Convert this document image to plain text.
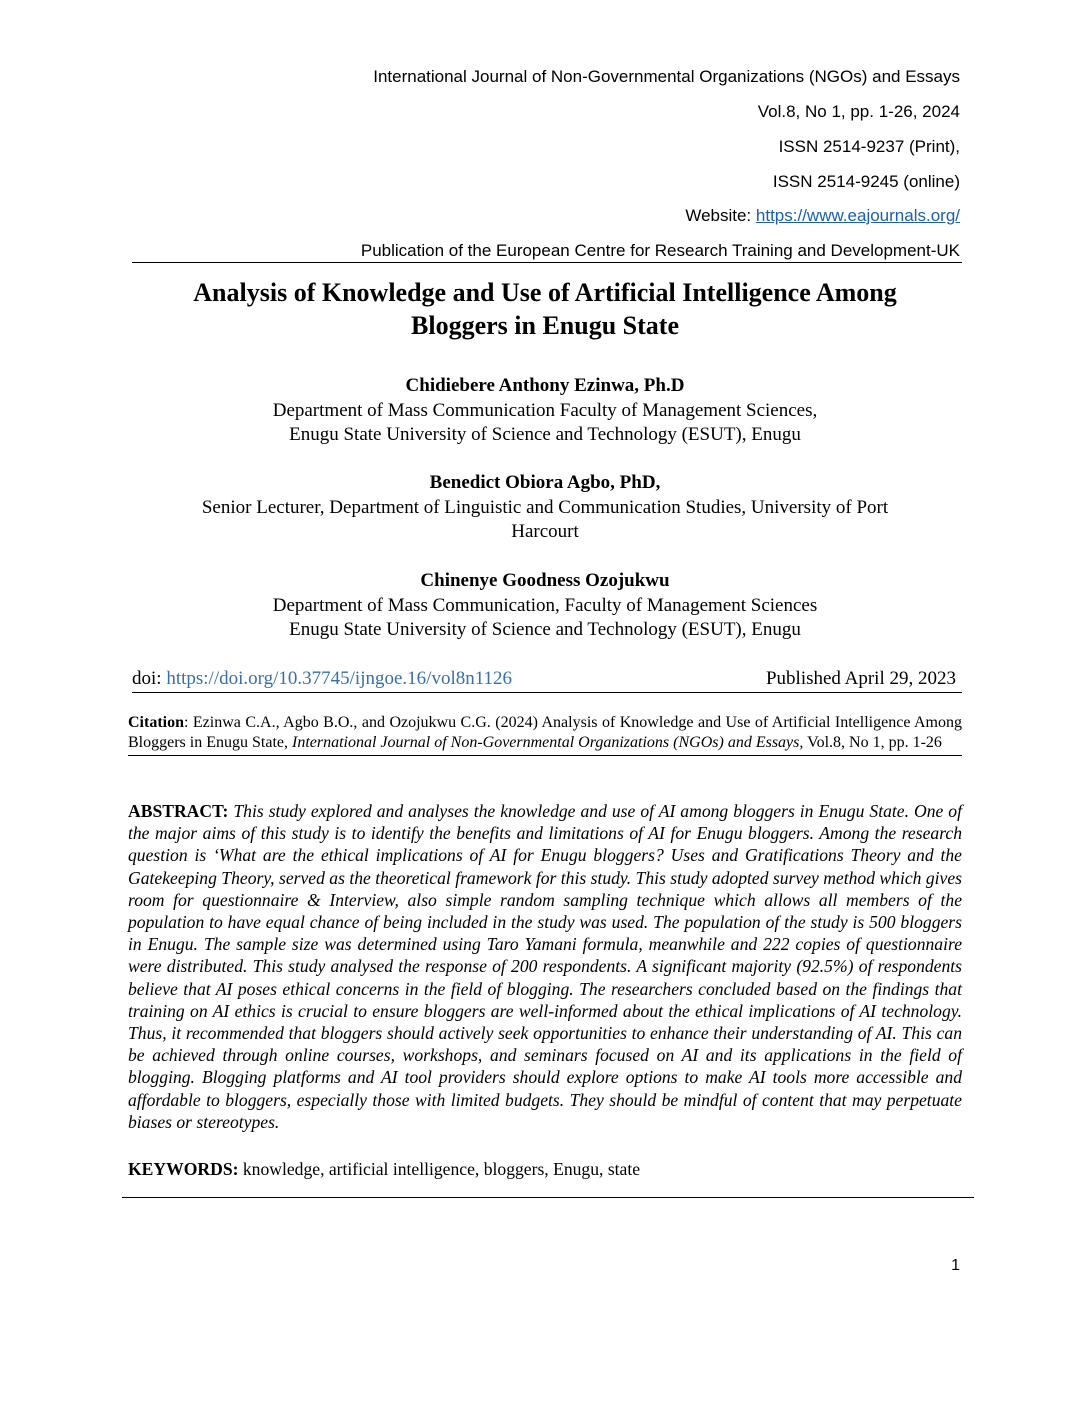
International Journal of Non-Governmental Organizations (NGOs) and Essays
Vol.8, No 1, pp. 1-26, 2024
ISSN 2514-9237 (Print),
ISSN 2514-9245 (online)
Website: https://www.eajournals.org/
Publication of the European Centre for Research Training and Development-UK
Analysis of Knowledge and Use of Artificial Intelligence Among
Bloggers in Enugu State
Chidiebere Anthony Ezinwa, Ph.D
Department of Mass Communication Faculty of Management Sciences,
Enugu State University of Science and Technology (ESUT), Enugu
Benedict Obiora Agbo, PhD,
Senior Lecturer, Department of Linguistic and Communication Studies, University of Port
Harcourt
Chinenye Goodness Ozojukwu
Department of Mass Communication, Faculty of Management Sciences
Enugu State University of Science and Technology (ESUT), Enugu
doi: https://doi.org/10.37745/ijngoe.16/vol8n1126	Published April 29, 2023
Citation: Ezinwa C.A., Agbo B.O., and Ozojukwu C.G. (2024) Analysis of Knowledge and Use of Artificial Intelligence Among Bloggers in Enugu State, International Journal of Non-Governmental Organizations (NGOs) and Essays, Vol.8, No 1, pp. 1-26
ABSTRACT: This study explored and analyses the knowledge and use of AI among bloggers in Enugu State. One of the major aims of this study is to identify the benefits and limitations of AI for Enugu bloggers. Among the research question is ‘What are the ethical implications of AI for Enugu bloggers? Uses and Gratifications Theory and the Gatekeeping Theory, served as the theoretical framework for this study. This study adopted survey method which gives room for questionnaire & Interview, also simple random sampling technique which allows all members of the population to have equal chance of being included in the study was used. The population of the study is 500 bloggers in Enugu. The sample size was determined using Taro Yamani formula, meanwhile and 222 copies of questionnaire were distributed. This study analysed the response of 200 respondents. A significant majority (92.5%) of respondents believe that AI poses ethical concerns in the field of blogging. The researchers concluded based on the findings that training on AI ethics is crucial to ensure bloggers are well-informed about the ethical implications of AI technology. Thus, it recommended that bloggers should actively seek opportunities to enhance their understanding of AI. This can be achieved through online courses, workshops, and seminars focused on AI and its applications in the field of blogging. Blogging platforms and AI tool providers should explore options to make AI tools more accessible and affordable to bloggers, especially those with limited budgets. They should be mindful of content that may perpetuate biases or stereotypes.
KEYWORDS: knowledge, artificial intelligence, bloggers, Enugu, state
1
